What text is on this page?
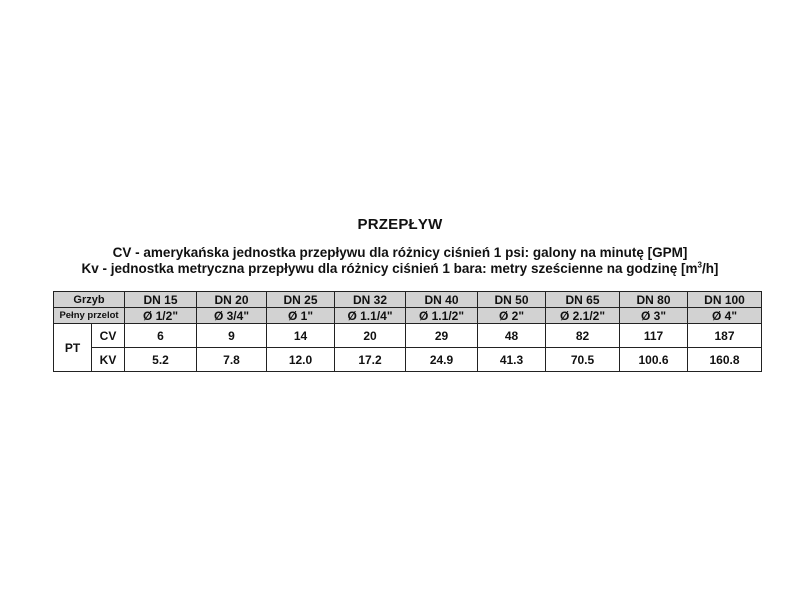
PRZEPŁYW
CV - amerykańska jednostka przepływu dla różnicy ciśnień 1 psi: galony na minutę [GPM]
Kv - jednostka metryczna przepływu dla różnicy ciśnień 1 bara: metry sześcienne na godzinę $[m^3/h]$
Grzyb		DN 15	DN 20	DN 25	DN 32	DN 40	DN 50	DN 65	DN 80	DN 100
Pełny przelot		Ø 1/2"	Ø 3/4"	Ø 1"	Ø 1.1/4"	Ø 1.1/2"	Ø 2"	Ø 2.1/2"	Ø 3"	Ø 4"
PT	CV	6	9	14	20	29	48	82	117	187
	KV	5.2	7.8	12.0	17.2	24.9	41.3	70.5	100.6	160.8
